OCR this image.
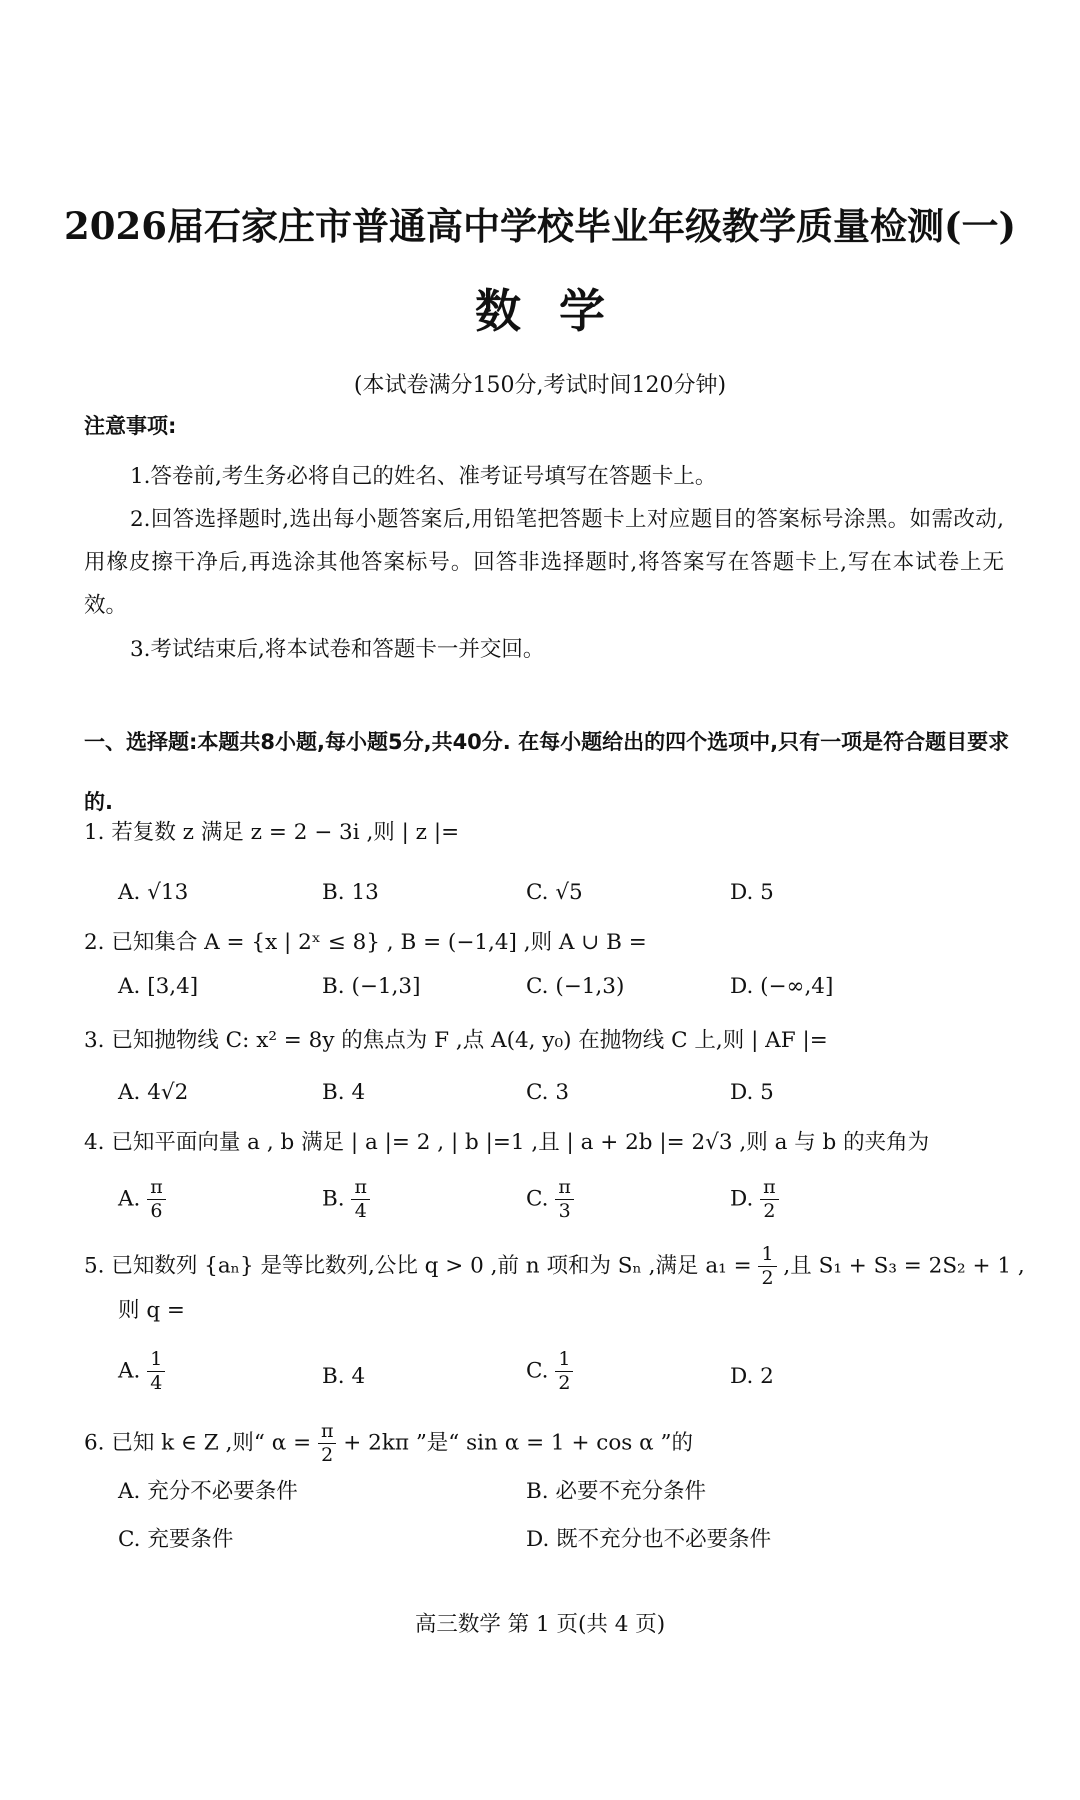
2026届石家庄市普通高中学校毕业年级教学质量检测(一)
数学
(本试卷满分150分,考试时间120分钟)
注意事项:
1.答卷前,考生务必将自己的姓名、准考证号填写在答题卡上。
2.回答选择题时,选出每小题答案后,用铅笔把答题卡上对应题目的答案标号涂黑。如需改动,用橡皮擦干净后,再选涂其他答案标号。回答非选择题时,将答案写在答题卡上,写在本试卷上无效。
3.考试结束后,将本试卷和答题卡一并交回。
一、选择题:本题共8小题,每小题5分,共40分. 在每小题给出的四个选项中,只有一项是符合题目要求的.
1. 若复数 z 满足 z = 2 − 3i ,则 | z |=
A. √13	B. 13	C. √5	D. 5
2. 已知集合 A = {x | 2ˣ ≤ 8} , B = (−1,4] ,则 A ∪ B =
A. [3,4]	B. (−1,3]	C. (−1,3)	D. (−∞,4]
3. 已知抛物线 C: x² = 8y 的焦点为 F ,点 A(4, y₀) 在抛物线 C 上,则 | AF |=
A. 4√2	B. 4	C. 3	D. 5
4. 已知平面向量 a , b 满足 | a |= 2 , | b |=1 ,且 | a + 2b |= 2√3 ,则 a 与 b 的夹角为
A. $\frac{\pi}{6}$	B. $\frac{\pi}{4}$	C. $\frac{\pi}{3}$	D. $\frac{\pi}{2}$
5. 已知数列 {aₙ} 是等比数列,公比 q > 0 ,前 n 项和为 Sₙ ,满足 $a_1 = \frac{1}{2}$ ,且 S₁ + S₃ = 2S₂ + 1 ,
则 q =
A. $\frac{1}{4}$	B. 4	C. $\frac{1}{2}$	D. 2
6. 已知 k ∈ Z ,则“ $\alpha = \frac{\pi}{2} + 2k\pi$ ”是“ sin α = 1 + cos α ”的
A. 充分不必要条件	B. 必要不充分条件
C. 充要条件	D. 既不充分也不必要条件
高三数学 第 1 页(共 4 页)
